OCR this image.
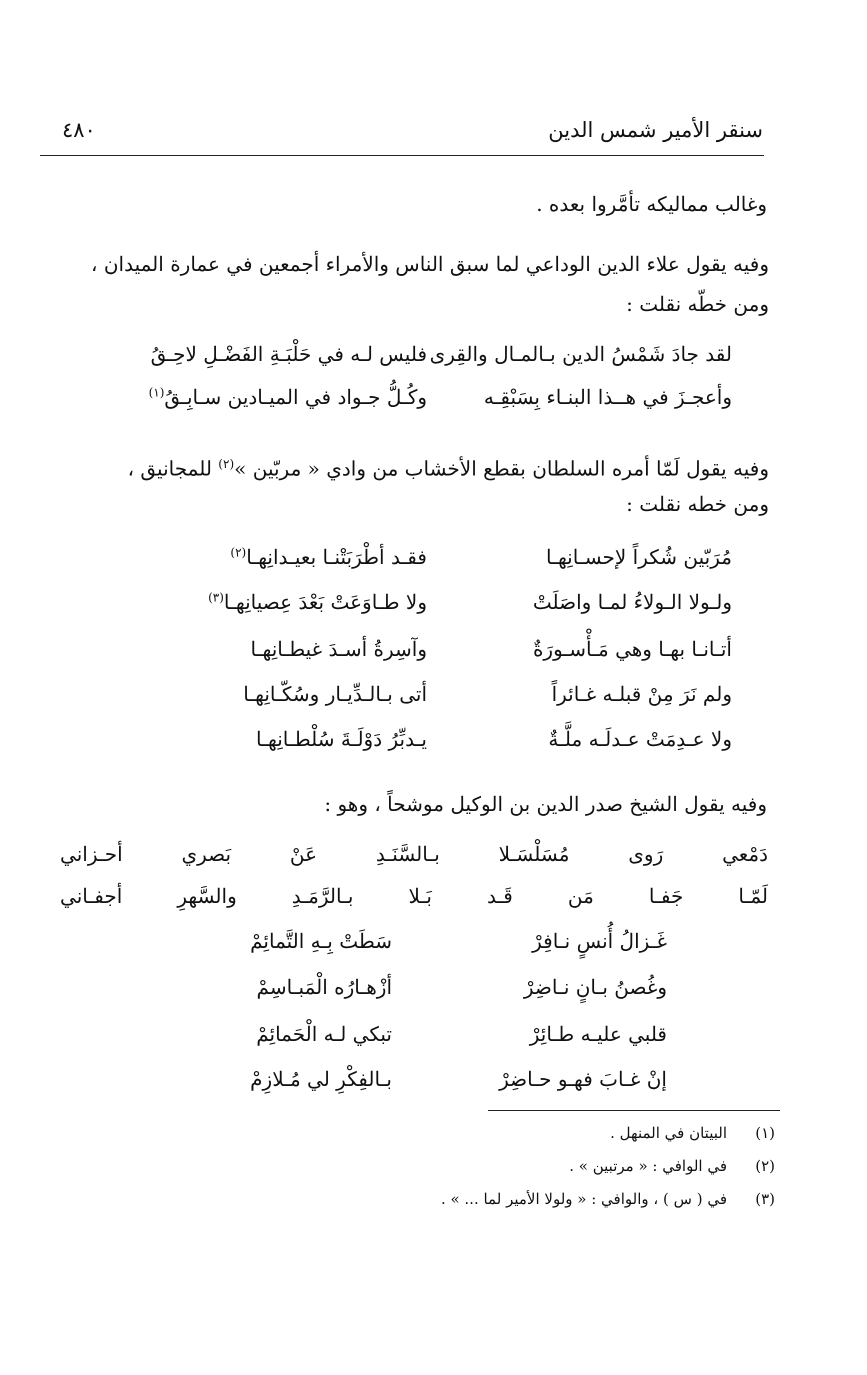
سنقر الأمير شمس الدين
٤٨٠
وغالب مماليكه تأمَّروا بعده .
وفيه يقول علاء الدين الوداعي لما سبق الناس والأمراء أجمعين في عمارة الميدان ،
ومن خطّه نقلت :
لقد جادَ شَمْسُ الدين بـالمـال والقِرى
فليس لـه في حَلْبَـةِ الفَضْـلِ لاحِـقُ
وأعجـزَ في هــذا البنـاء بِسَبْقِـه
وكُـلُّ جـواد في الميـادين سـابِـقُ$^{(١)}$
وفيه يقول لَمّا أمره السلطان بقطع الأخشاب من وادي « مربّين »$^{(٢)}$ للمجانيق ،
ومن خطه نقلت :
مُرَبّين شُكراً لإحسـانِهـا
فقـد أطْرَبَتْنـا بعيـدانِهـا$^{(٢)}$
ولـولا الـولاءُ لمـا واصَلَتْ
ولا طـاوَعَتْ بَعْدَ عِصيانِهـا$^{(٣)}$
أتـانـا بهـا وهي مَـأْسـورَةٌ
وآسِرةُ أسـدَ غيطـانِهـا
ولم نَرَ مِنْ قبلـه غـائراً
أتى بـالـدِّيـار وسُكّـانِهـا
ولا عـدِمَتْ عـدلَـه ملَّـةٌ
يـدبِّرُ دَوْلَـةَ سُلْطـانِهـا
وفيه يقول الشيخ صدر الدين بن الوكيل موشحاً ، وهو :
دَمْعي
رَوى
مُسَلْسَـلا
بـالسَّنَـدِ
عَنْ
بَصري
أحـزاني
لَمّـا
جَفـا
مَن
قَـد
بَـلا
بـالرَّمَـدِ
والسَّهرِ
أجفـاني
غَـزالُ أُنسٍ نـافِرْ
سَطَتْ بِـهِ التَّمائِمْ
وغُصنُ بـانٍ نـاضِرْ
أزْهـارُه الْمَبـاسِمْ
قلبي عليـه طـائِرْ
تبكي لـه الْحَمائِمْ
إنْ غـابَ فهـو حـاضِرْ
بـالفِكْرِ لي مُـلازِمْ
(١)البيتان في المنهل .
(٢)في الوافي : « مرتبين » .
(٣)في ( س ) ، والوافي : « ولولا الأمير لما ... » .
